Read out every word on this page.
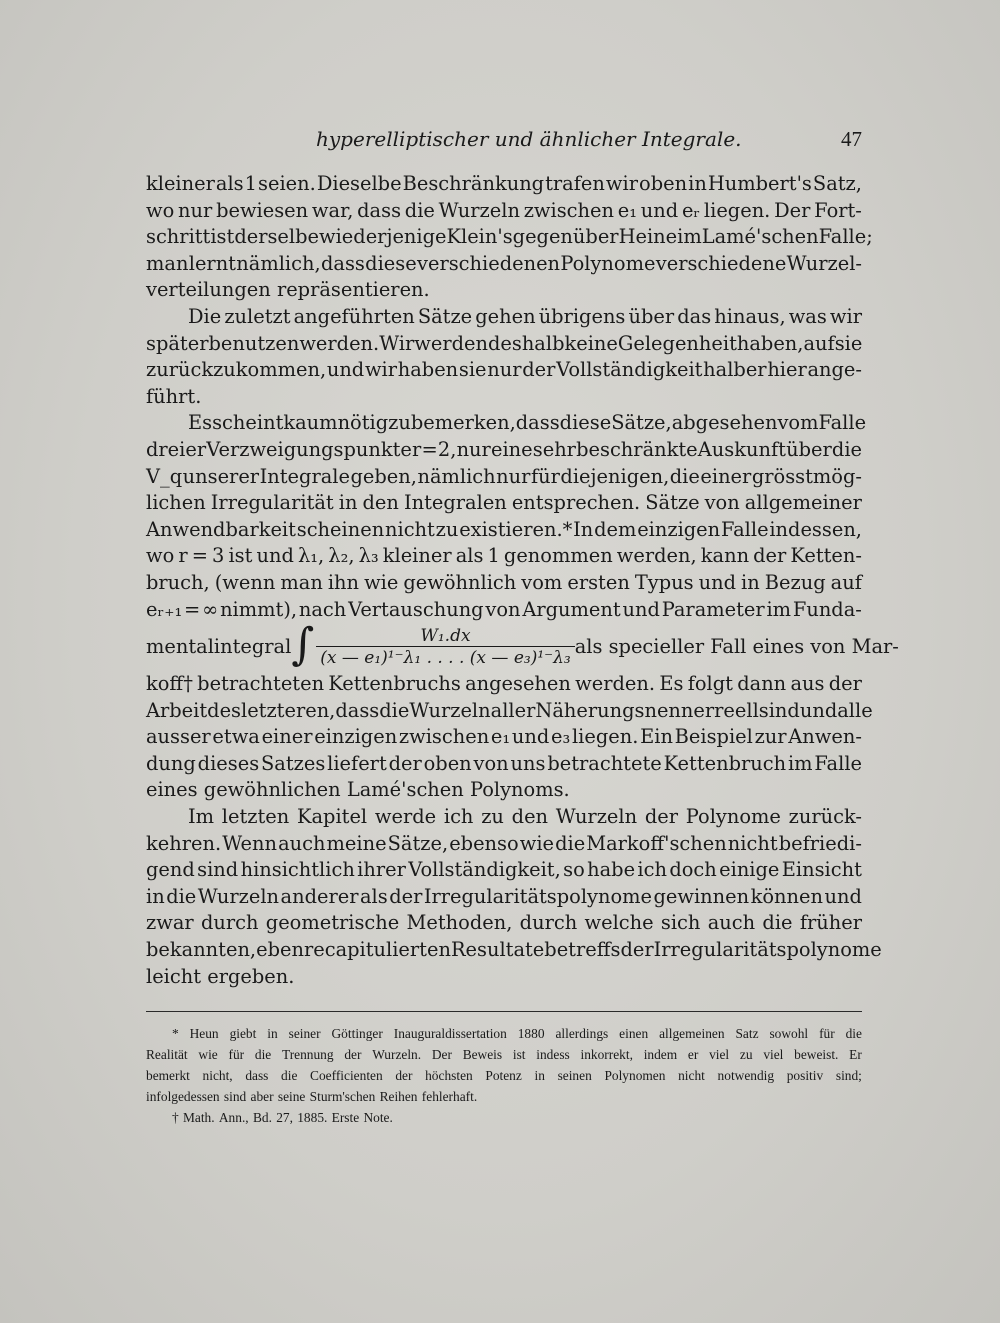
hyperelliptischer und ähnlicher Integrale.	47
kleiner als 1 seien. Dieselbe Beschränkung trafen wir oben in Humbert's Satz,
wo nur bewiesen war, dass die Wurzeln zwischen e₁ und eᵣ liegen. Der Fort-
schritt ist derselbe wie derjenige Klein's gegenüber Heine im Lamé'schen Falle;
man lernt nämlich, dass diese verschiedenen Polynome verschiedene Wurzel-
verteilungen repräsentieren.
Die zuletzt angeführten Sätze gehen übrigens über das hinaus, was wir
später benutzen werden. Wir werden deshalb keine Gelegenheit haben, auf sie
zurückzukommen, und wir haben sie nur der Vollständigkeit halber hier ange-
führt.
Es scheint kaum nötig zu bemerken, dass diese Sätze, abgesehen vom Falle
dreier Verzweigungspunkte r = 2, nur eine sehr beschränkte Auskunft über die
V_q unserer Integrale geben, nämlich nur für diejenigen, die einer grösstmög-
lichen Irregularität in den Integralen entsprechen. Sätze von allgemeiner
Anwendbarkeit scheinen nicht zu existieren.* In dem einzigen Falle indessen,
wo r = 3 ist und λ₁, λ₂, λ₃ kleiner als 1 genommen werden, kann der Ketten-
bruch, (wenn man ihn wie gewöhnlich vom ersten Typus und in Bezug auf
eᵣ₊₁ = ∞ nimmt), nach Vertauschung von Argument und Parameter im Funda-
mentalintegral ∫ $\frac{\text{W₁.dx}}{\text{(x — e₁)¹⁻λ₁ . . . . (x — e₃)¹⁻λ₃}}$ als specieller Fall eines von Mar-
koff† betrachteten Kettenbruchs angesehen werden. Es folgt dann aus der
Arbeit des letzteren, dass die Wurzeln aller Näherungsnenner reell sind und alle
ausser etwa einer einzigen zwischen e₁ und e₃ liegen. Ein Beispiel zur Anwen-
dung dieses Satzes liefert der oben von uns betrachtete Kettenbruch im Falle
eines gewöhnlichen Lamé'schen Polynoms.
Im letzten Kapitel werde ich zu den Wurzeln der Polynome zurück-
kehren. Wenn auch meine Sätze, ebenso wie die Markoff'schen nicht befriedi-
gend sind hinsichtlich ihrer Vollständigkeit, so habe ich doch einige Einsicht
in die Wurzeln anderer als der Irregularitätspolynome gewinnen können und
zwar durch geometrische Methoden, durch welche sich auch die früher
bekannten, eben recapitulierten Resultate betreffs der Irregularitätspolynome
leicht ergeben.
* Heun giebt in seiner Göttinger Inauguraldissertation 1880 allerdings einen allgemeinen Satz sowohl für die
Realität wie für die Trennung der Wurzeln. Der Beweis ist indess inkorrekt, indem er viel zu viel beweist. Er
bemerkt nicht, dass die Coefficienten der höchsten Potenz in seinen Polynomen nicht notwendig positiv sind;
infolgedessen sind aber seine Sturm'schen Reihen fehlerhaft.
† Math. Ann., Bd. 27, 1885. Erste Note.
